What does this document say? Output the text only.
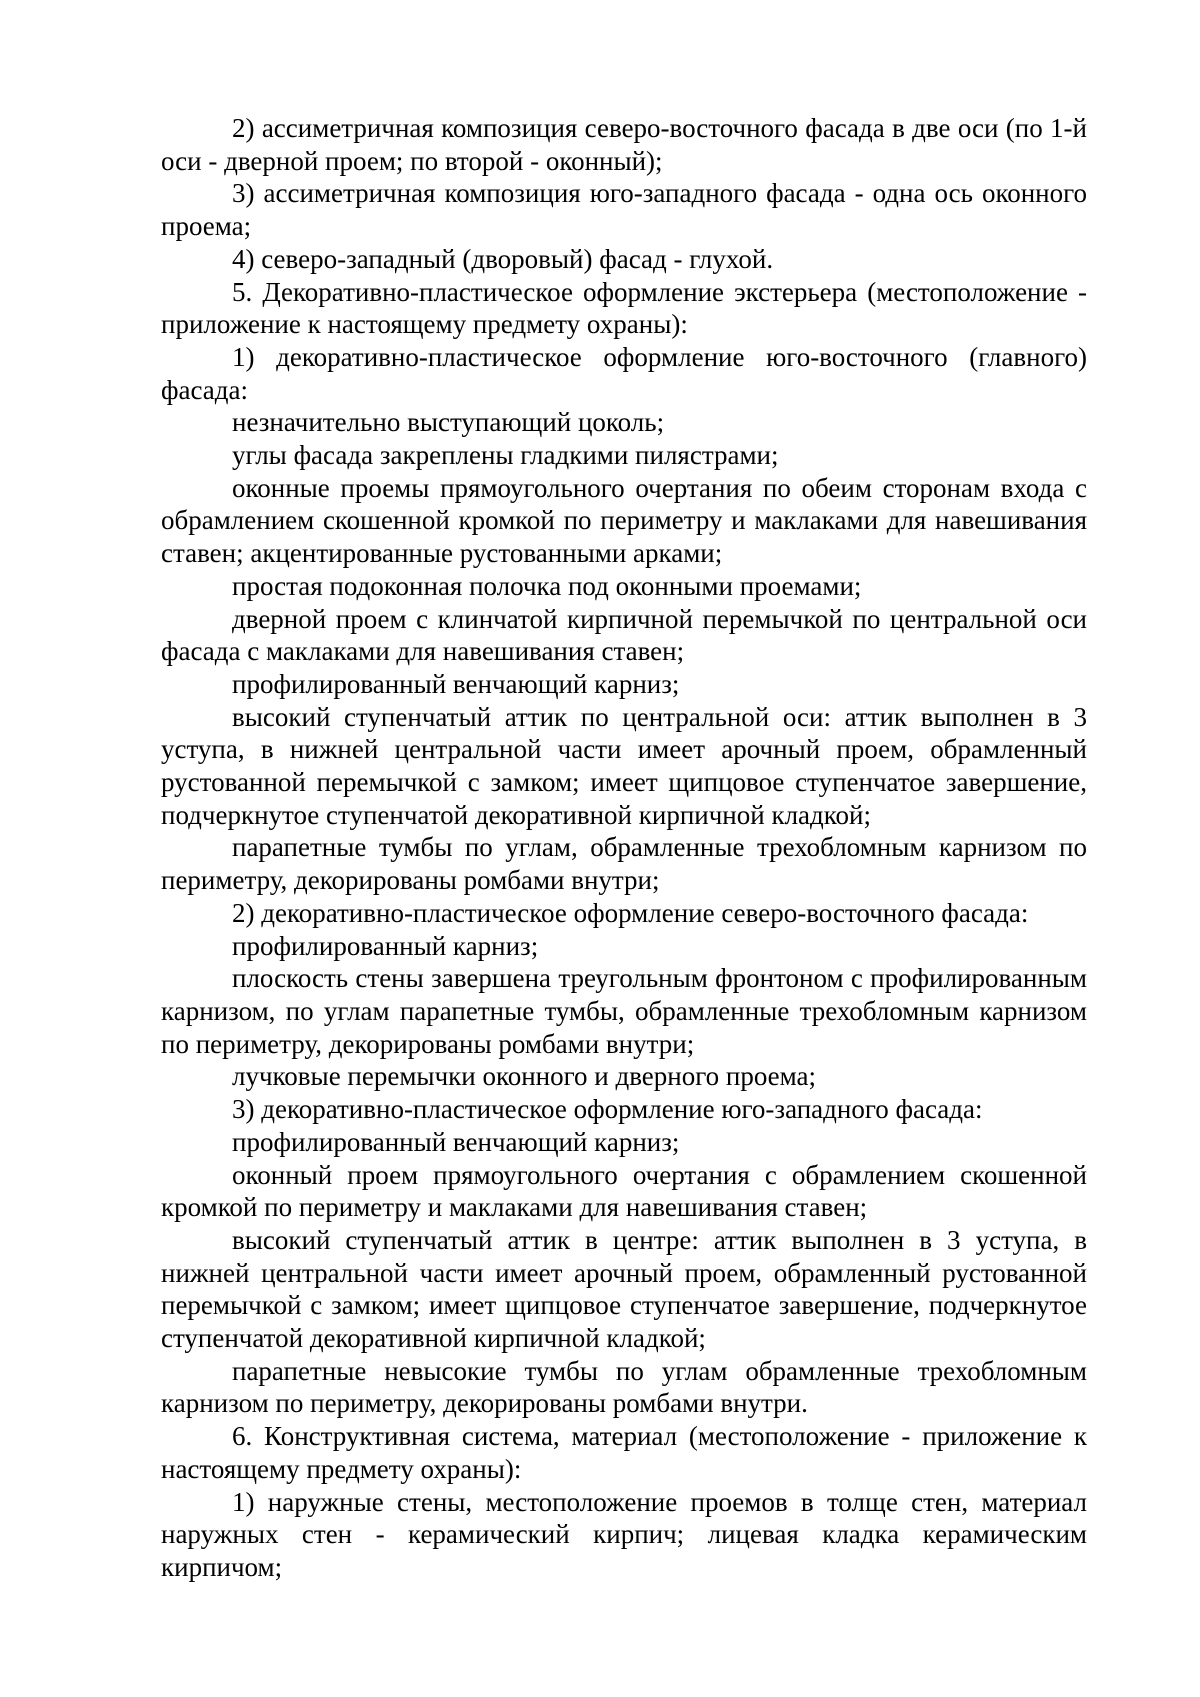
2) ассиметричная композиция северо-восточного фасада в две оси (по 1-й оси - дверной проем; по второй - оконный);

3) ассиметричная композиция юго-западного фасада - одна ось оконного проема;

4) северо-западный (дворовый) фасад - глухой.

5. Декоративно-пластическое оформление экстерьера (местоположение - приложение к настоящему предмету охраны):

1) декоративно-пластическое оформление юго-восточного (главного) фасада:

незначительно выступающий цоколь;

углы фасада закреплены гладкими пилястрами;

оконные проемы прямоугольного очертания по обеим сторонам входа с обрамлением скошенной кромкой по периметру и маклаками для навешивания ставен; акцентированные рустованными арками;

простая подоконная полочка под оконными проемами;

дверной проем с клинчатой кирпичной перемычкой по центральной оси фасада с маклаками для навешивания ставен;

профилированный венчающий карниз;

высокий ступенчатый аттик по центральной оси: аттик выполнен в 3 уступа, в нижней центральной части имеет арочный проем, обрамленный рустованной перемычкой с замком; имеет щипцовое ступенчатое завершение, подчеркнутое ступенчатой декоративной кирпичной кладкой;

парапетные тумбы по углам, обрамленные трехобломным карнизом по периметру, декорированы ромбами внутри;

2) декоративно-пластическое оформление северо-восточного фасада:

профилированный карниз;

плоскость стены завершена треугольным фронтоном с профилированным карнизом, по углам парапетные тумбы, обрамленные трехобломным карнизом по периметру, декорированы ромбами внутри;

лучковые перемычки оконного и дверного проема;

3) декоративно-пластическое оформление юго-западного фасада:

профилированный венчающий карниз;

оконный проем прямоугольного очертания с обрамлением скошенной кромкой по периметру и маклаками для навешивания ставен;

высокий ступенчатый аттик в центре: аттик выполнен в 3 уступа, в нижней центральной части имеет арочный проем, обрамленный рустованной перемычкой с замком; имеет щипцовое ступенчатое завершение, подчеркнутое ступенчатой декоративной кирпичной кладкой;

парапетные невысокие тумбы по углам обрамленные трехобломным карнизом по периметру, декорированы ромбами внутри.

6. Конструктивная система, материал (местоположение - приложение к настоящему предмету охраны):

1) наружные стены, местоположение проемов в толще стен, материал наружных стен - керамический кирпич; лицевая кладка керамическим кирпичом;
